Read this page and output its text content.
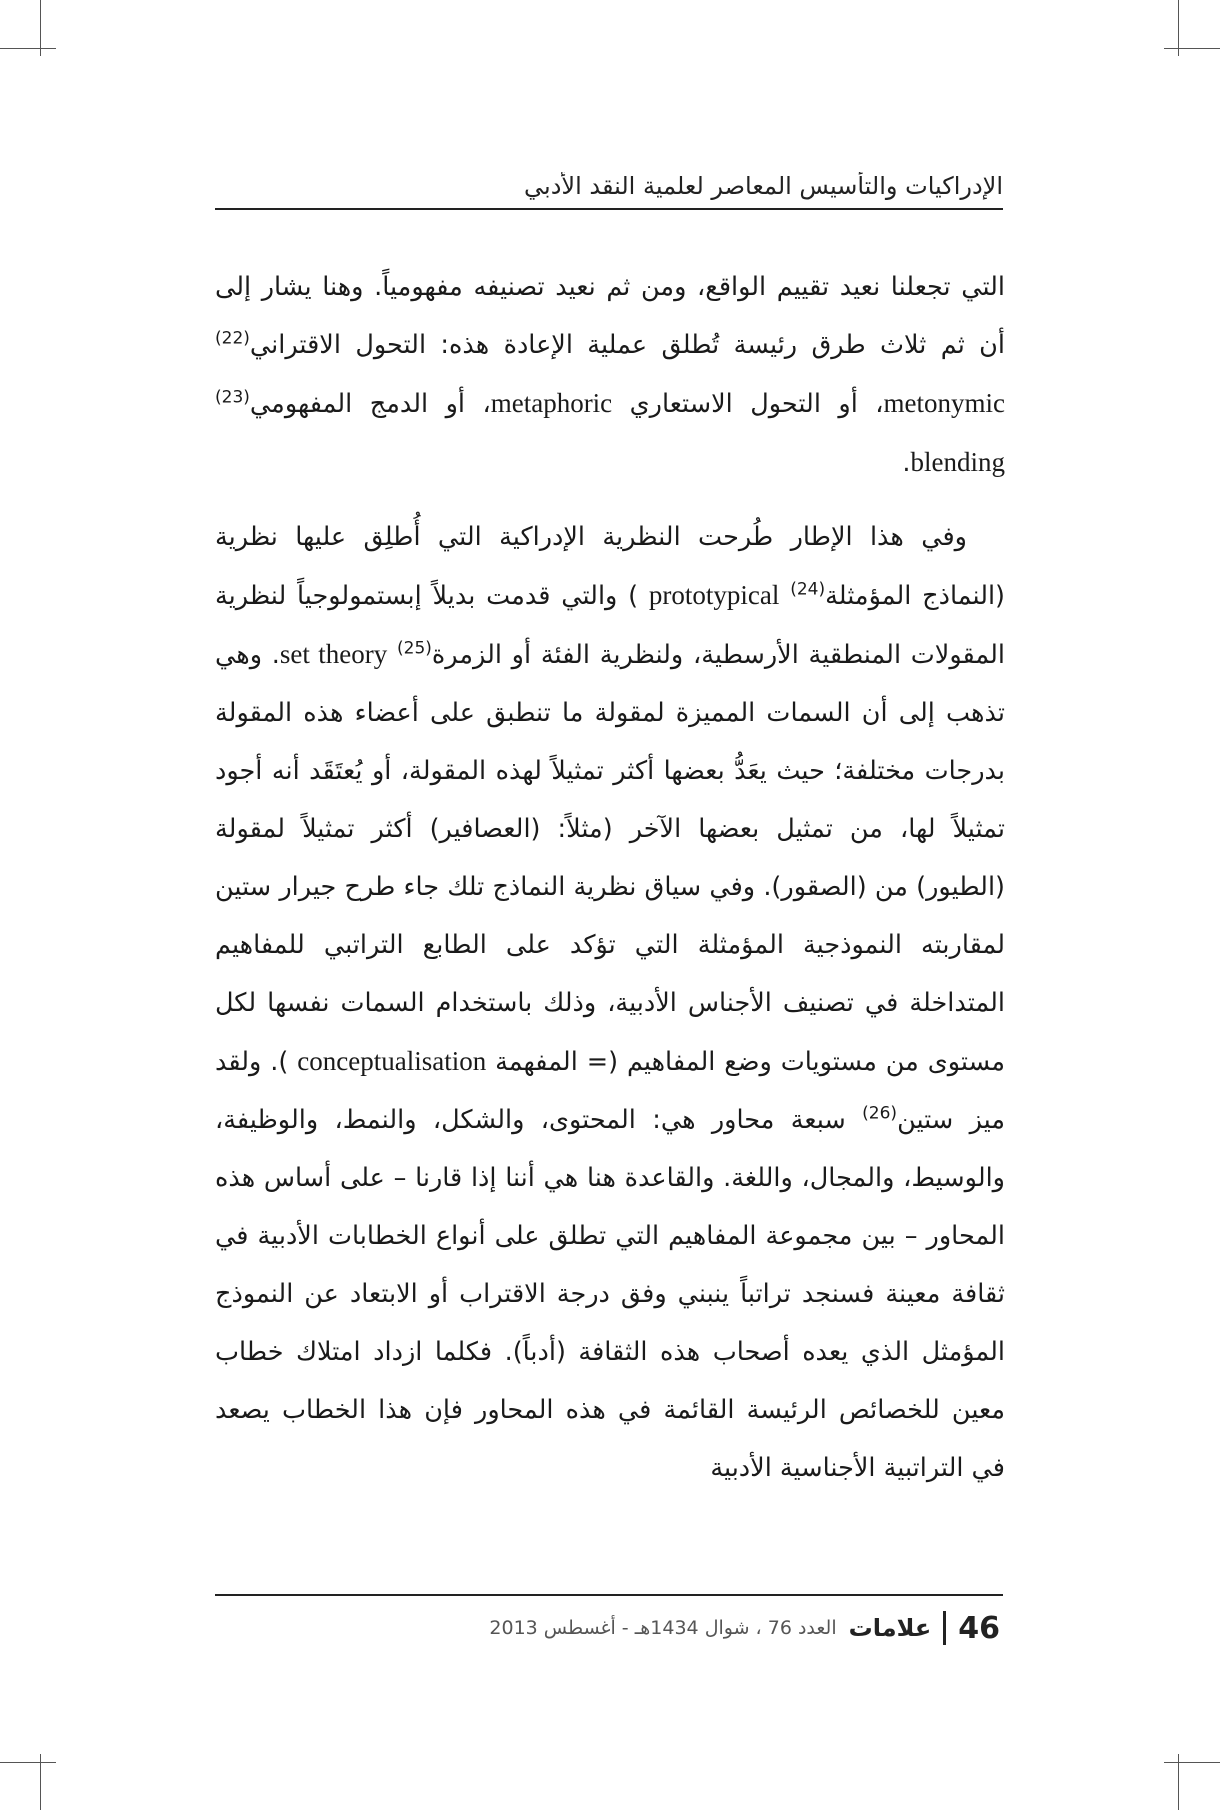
الإدراكيات والتأسيس المعاصر لعلمية النقد الأدبي

التي تجعلنا نعيد تقييم الواقع، ومن ثم نعيد تصنيفه مفهومياً. وهنا يشار إلى أن ثم ثلاث طرق رئيسة تُطلق عملية الإعادة هذه: التحول الاقتراني$^{(22)}$ metonymic، أو التحول الاستعاري metaphoric، أو الدمج المفهومي$^{(23)}$ blending.

وفي هذا الإطار طُرحت النظرية الإدراكية التي أُطلِق عليها نظرية (النماذج المؤمثلة$^{(24)}$ prototypical ) والتي قدمت بديلاً إبستمولوجياً لنظرية المقولات المنطقية الأرسطية، ولنظرية الفئة أو الزمرة$^{(25)}$ set theory. وهي تذهب إلى أن السمات المميزة لمقولة ما تنطبق على أعضاء هذه المقولة بدرجات مختلفة؛ حيث يعَدُّ بعضها أكثر تمثيلاً لهذه المقولة، أو يُعتَقَد أنه أجود تمثيلاً لها، من تمثيل بعضها الآخر (مثلاً: (العصافير) أكثر تمثيلاً لمقولة (الطيور) من (الصقور). وفي سياق نظرية النماذج تلك جاء طرح جيرار ستين لمقاربته النموذجية المؤمثلة التي تؤكد على الطابع التراتبي للمفاهيم المتداخلة في تصنيف الأجناس الأدبية، وذلك باستخدام السمات نفسها لكل مستوى من مستويات وضع المفاهيم (= المفهمة conceptualisation ). ولقد ميز ستين$^{(26)}$ سبعة محاور هي: المحتوى، والشكل، والنمط، والوظيفة، والوسيط، والمجال، واللغة. والقاعدة هنا هي أننا إذا قارنا – على أساس هذه المحاور – بين مجموعة المفاهيم التي تطلق على أنواع الخطابات الأدبية في ثقافة معينة فسنجد تراتباً ينبني وفق درجة الاقتراب أو الابتعاد عن النموذج المؤمثل الذي يعده أصحاب هذه الثقافة (أدباً). فكلما ازداد امتلاك خطاب معين للخصائص الرئيسة القائمة في هذه المحاور فإن هذا الخطاب يصعد في التراتبية الأجناسية الأدبية

46
علامات
العدد 76 ، شوال 1434هـ - أغسطس 2013
